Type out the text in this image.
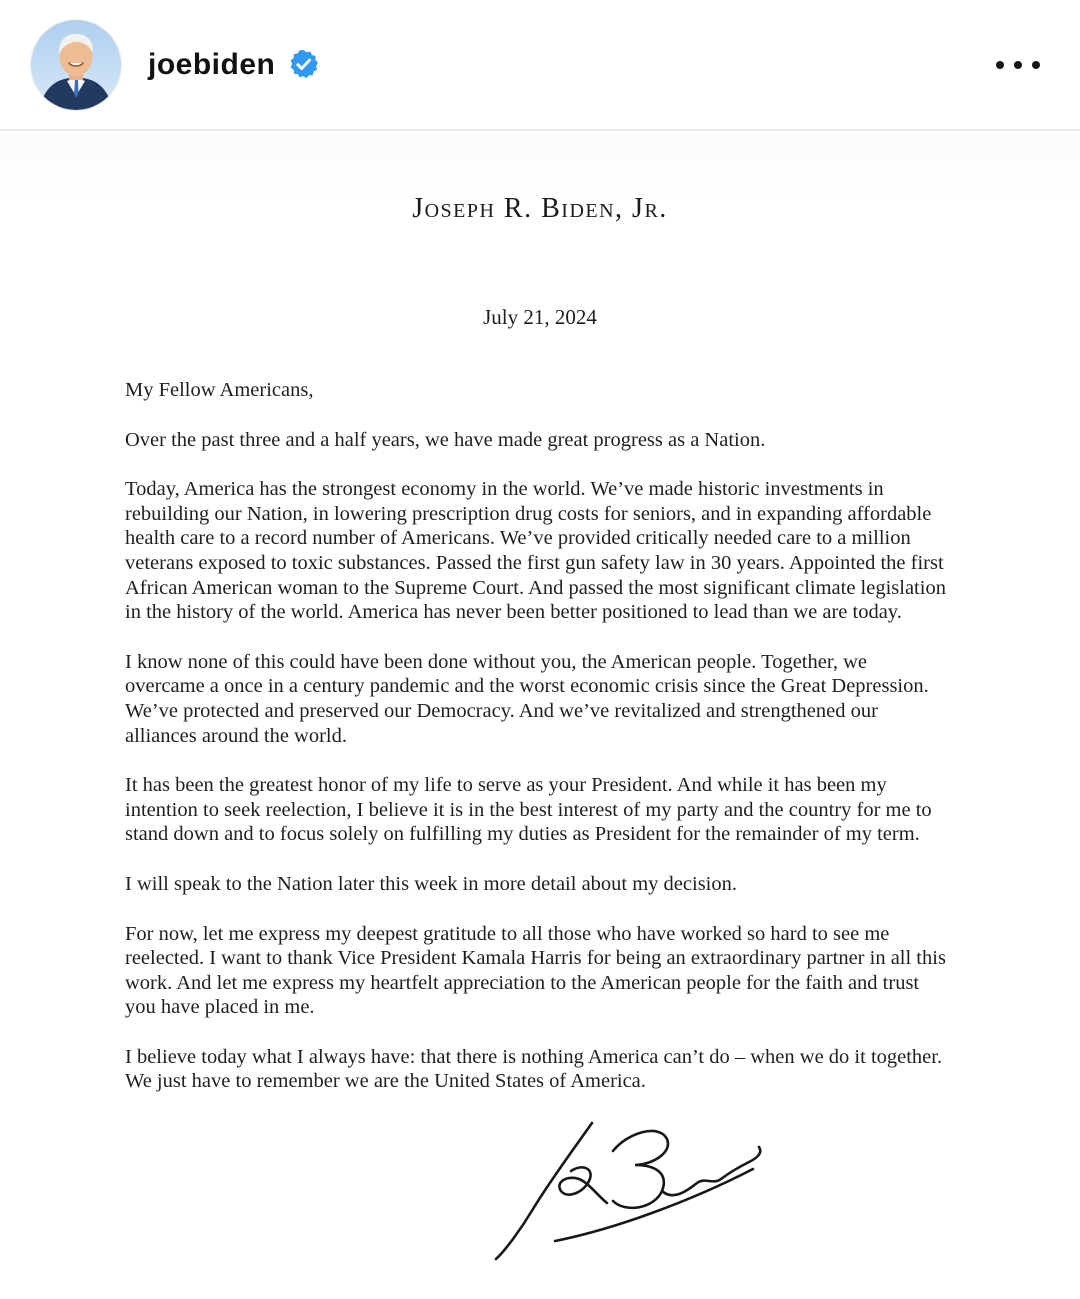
joebiden
Joseph R. Biden, Jr.
July 21, 2024

My Fellow Americans,

Over the past three and a half years, we have made great progress as a Nation.

Today, America has the strongest economy in the world. We’ve made historic investments in rebuilding our Nation, in lowering prescription drug costs for seniors, and in expanding affordable health care to a record number of Americans. We’ve provided critically needed care to a million veterans exposed to toxic substances. Passed the first gun safety law in 30 years. Appointed the first African American woman to the Supreme Court. And passed the most significant climate legislation in the history of the world. America has never been better positioned to lead than we are today.

I know none of this could have been done without you, the American people. Together, we overcame a once in a century pandemic and the worst economic crisis since the Great Depression. We’ve protected and preserved our Democracy. And we’ve revitalized and strengthened our alliances around the world.

It has been the greatest honor of my life to serve as your President. And while it has been my intention to seek reelection, I believe it is in the best interest of my party and the country for me to stand down and to focus solely on fulfilling my duties as President for the remainder of my term.

I will speak to the Nation later this week in more detail about my decision.

For now, let me express my deepest gratitude to all those who have worked so hard to see me reelected. I want to thank Vice President Kamala Harris for being an extraordinary partner in all this work. And let me express my heartfelt appreciation to the American people for the faith and trust you have placed in me.

I believe today what I always have: that there is nothing America can’t do – when we do it together. We just have to remember we are the United States of America.
